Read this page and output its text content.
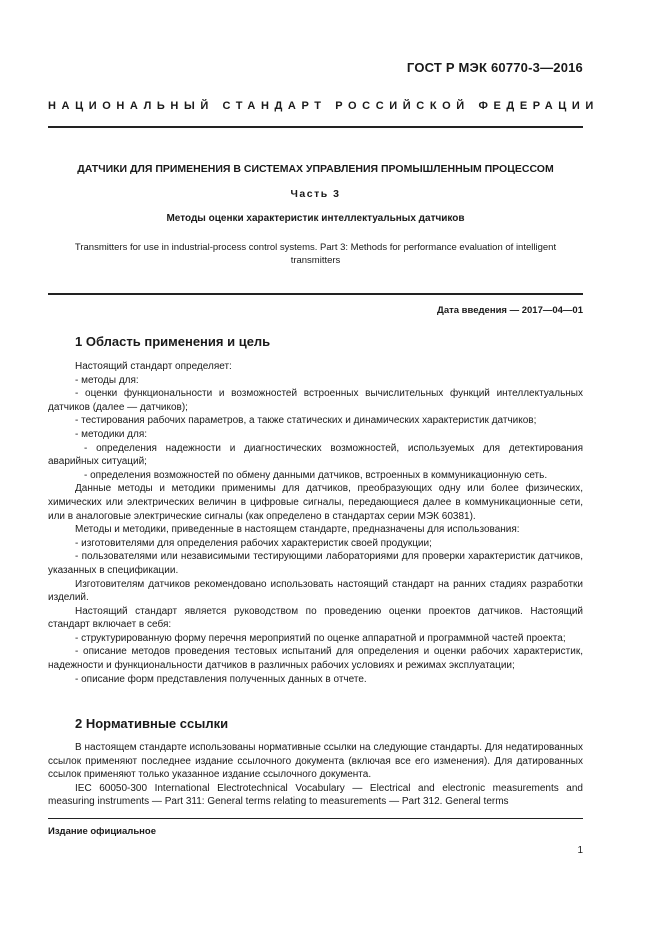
ГОСТ Р МЭК 60770-3—2016
НАЦИОНАЛЬНЫЙ СТАНДАРТ РОССИЙСКОЙ ФЕДЕРАЦИИ
ДАТЧИКИ ДЛЯ ПРИМЕНЕНИЯ В СИСТЕМАХ УПРАВЛЕНИЯ ПРОМЫШЛЕННЫМ ПРОЦЕССОМ
Часть 3
Методы оценки характеристик интеллектуальных датчиков
Transmitters for use in industrial-process control systems. Part 3: Methods for performance evaluation of intelligent transmitters
Дата введения — 2017—04—01
1 Область применения и цель

Настоящий стандарт определяет:

- методы для:

- оценки функциональности и возможностей встроенных вычислительных функций интеллектуальных датчиков (далее — датчиков);

- тестирования рабочих параметров, а также статических и динамических характеристик датчиков;

- методики для:

- определения надежности и диагностических возможностей, используемых для детектирования аварийных ситуаций;

- определения возможностей по обмену данными датчиков, встроенных в коммуникационную сеть.

Данные методы и методики применимы для датчиков, преобразующих одну или более физических, химических или электрических величин в цифровые сигналы, передающиеся далее в коммуникационные сети, или в аналоговые электрические сигналы (как определено в стандартах серии МЭК 60381).

Методы и методики, приведенные в настоящем стандарте, предназначены для использования:

- изготовителями для определения рабочих характеристик своей продукции;

- пользователями или независимыми тестирующими лабораториями для проверки характеристик датчиков, указанных в спецификации.

Изготовителям датчиков рекомендовано использовать настоящий стандарт на ранних стадиях разработки изделий.

Настоящий стандарт является руководством по проведению оценки проектов датчиков. Настоящий стандарт включает в себя:

- структурированную форму перечня мероприятий по оценке аппаратной и программной частей проекта;

- описание методов проведения тестовых испытаний для определения и оценки рабочих характеристик, надежности и функциональности датчиков в различных рабочих условиях и режимах эксплуатации;

- описание форм представления полученных данных в отчете.

2 Нормативные ссылки

В настоящем стандарте использованы нормативные ссылки на следующие стандарты. Для недатированных ссылок применяют последнее издание ссылочного документа (включая все его изменения). Для датированных ссылок применяют только указанное издание ссылочного документа.

IEC 60050-300 International Electrotechnical Vocabulary — Electrical and electronic measurements and measuring instruments — Part 311: General terms relating to measurements — Part 312. General terms

Издание официальное
1
